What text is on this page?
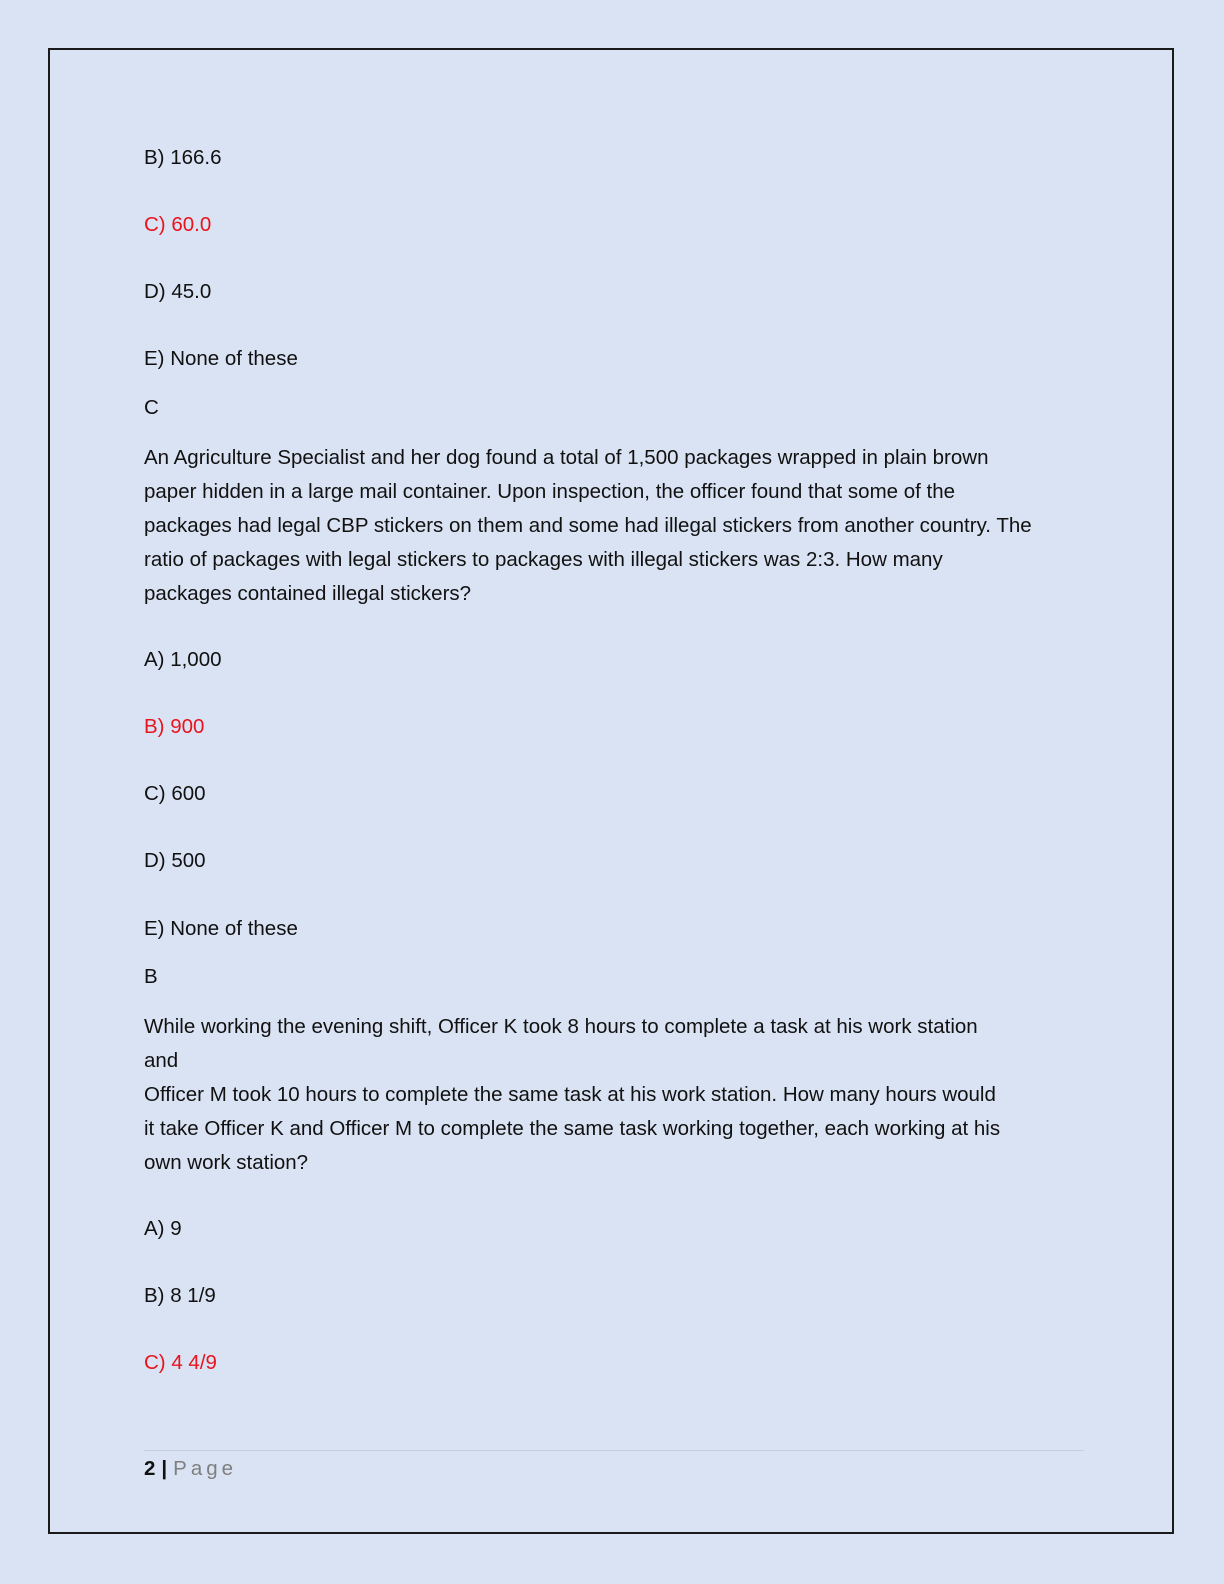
B) 166.6
C) 60.0
D) 45.0
E) None of these
C
An Agriculture Specialist and her dog found a total of 1,500 packages wrapped in plain brown
paper hidden in a large mail container. Upon inspection, the officer found that some of the
packages had legal CBP stickers on them and some had illegal stickers from another country. The
ratio of packages with legal stickers to packages with illegal stickers was 2:3. How many
packages contained illegal stickers?
A) 1,000
B) 900
C) 600
D) 500
E) None of these
B
While working the evening shift, Officer K took 8 hours to complete a task at his work station
and
Officer M took 10 hours to complete the same task at his work station. How many hours would
it take Officer K and Officer M to complete the same task working together, each working at his
own work station?
A) 9
B) 8 1/9
C) 4 4/9
2 | Page
